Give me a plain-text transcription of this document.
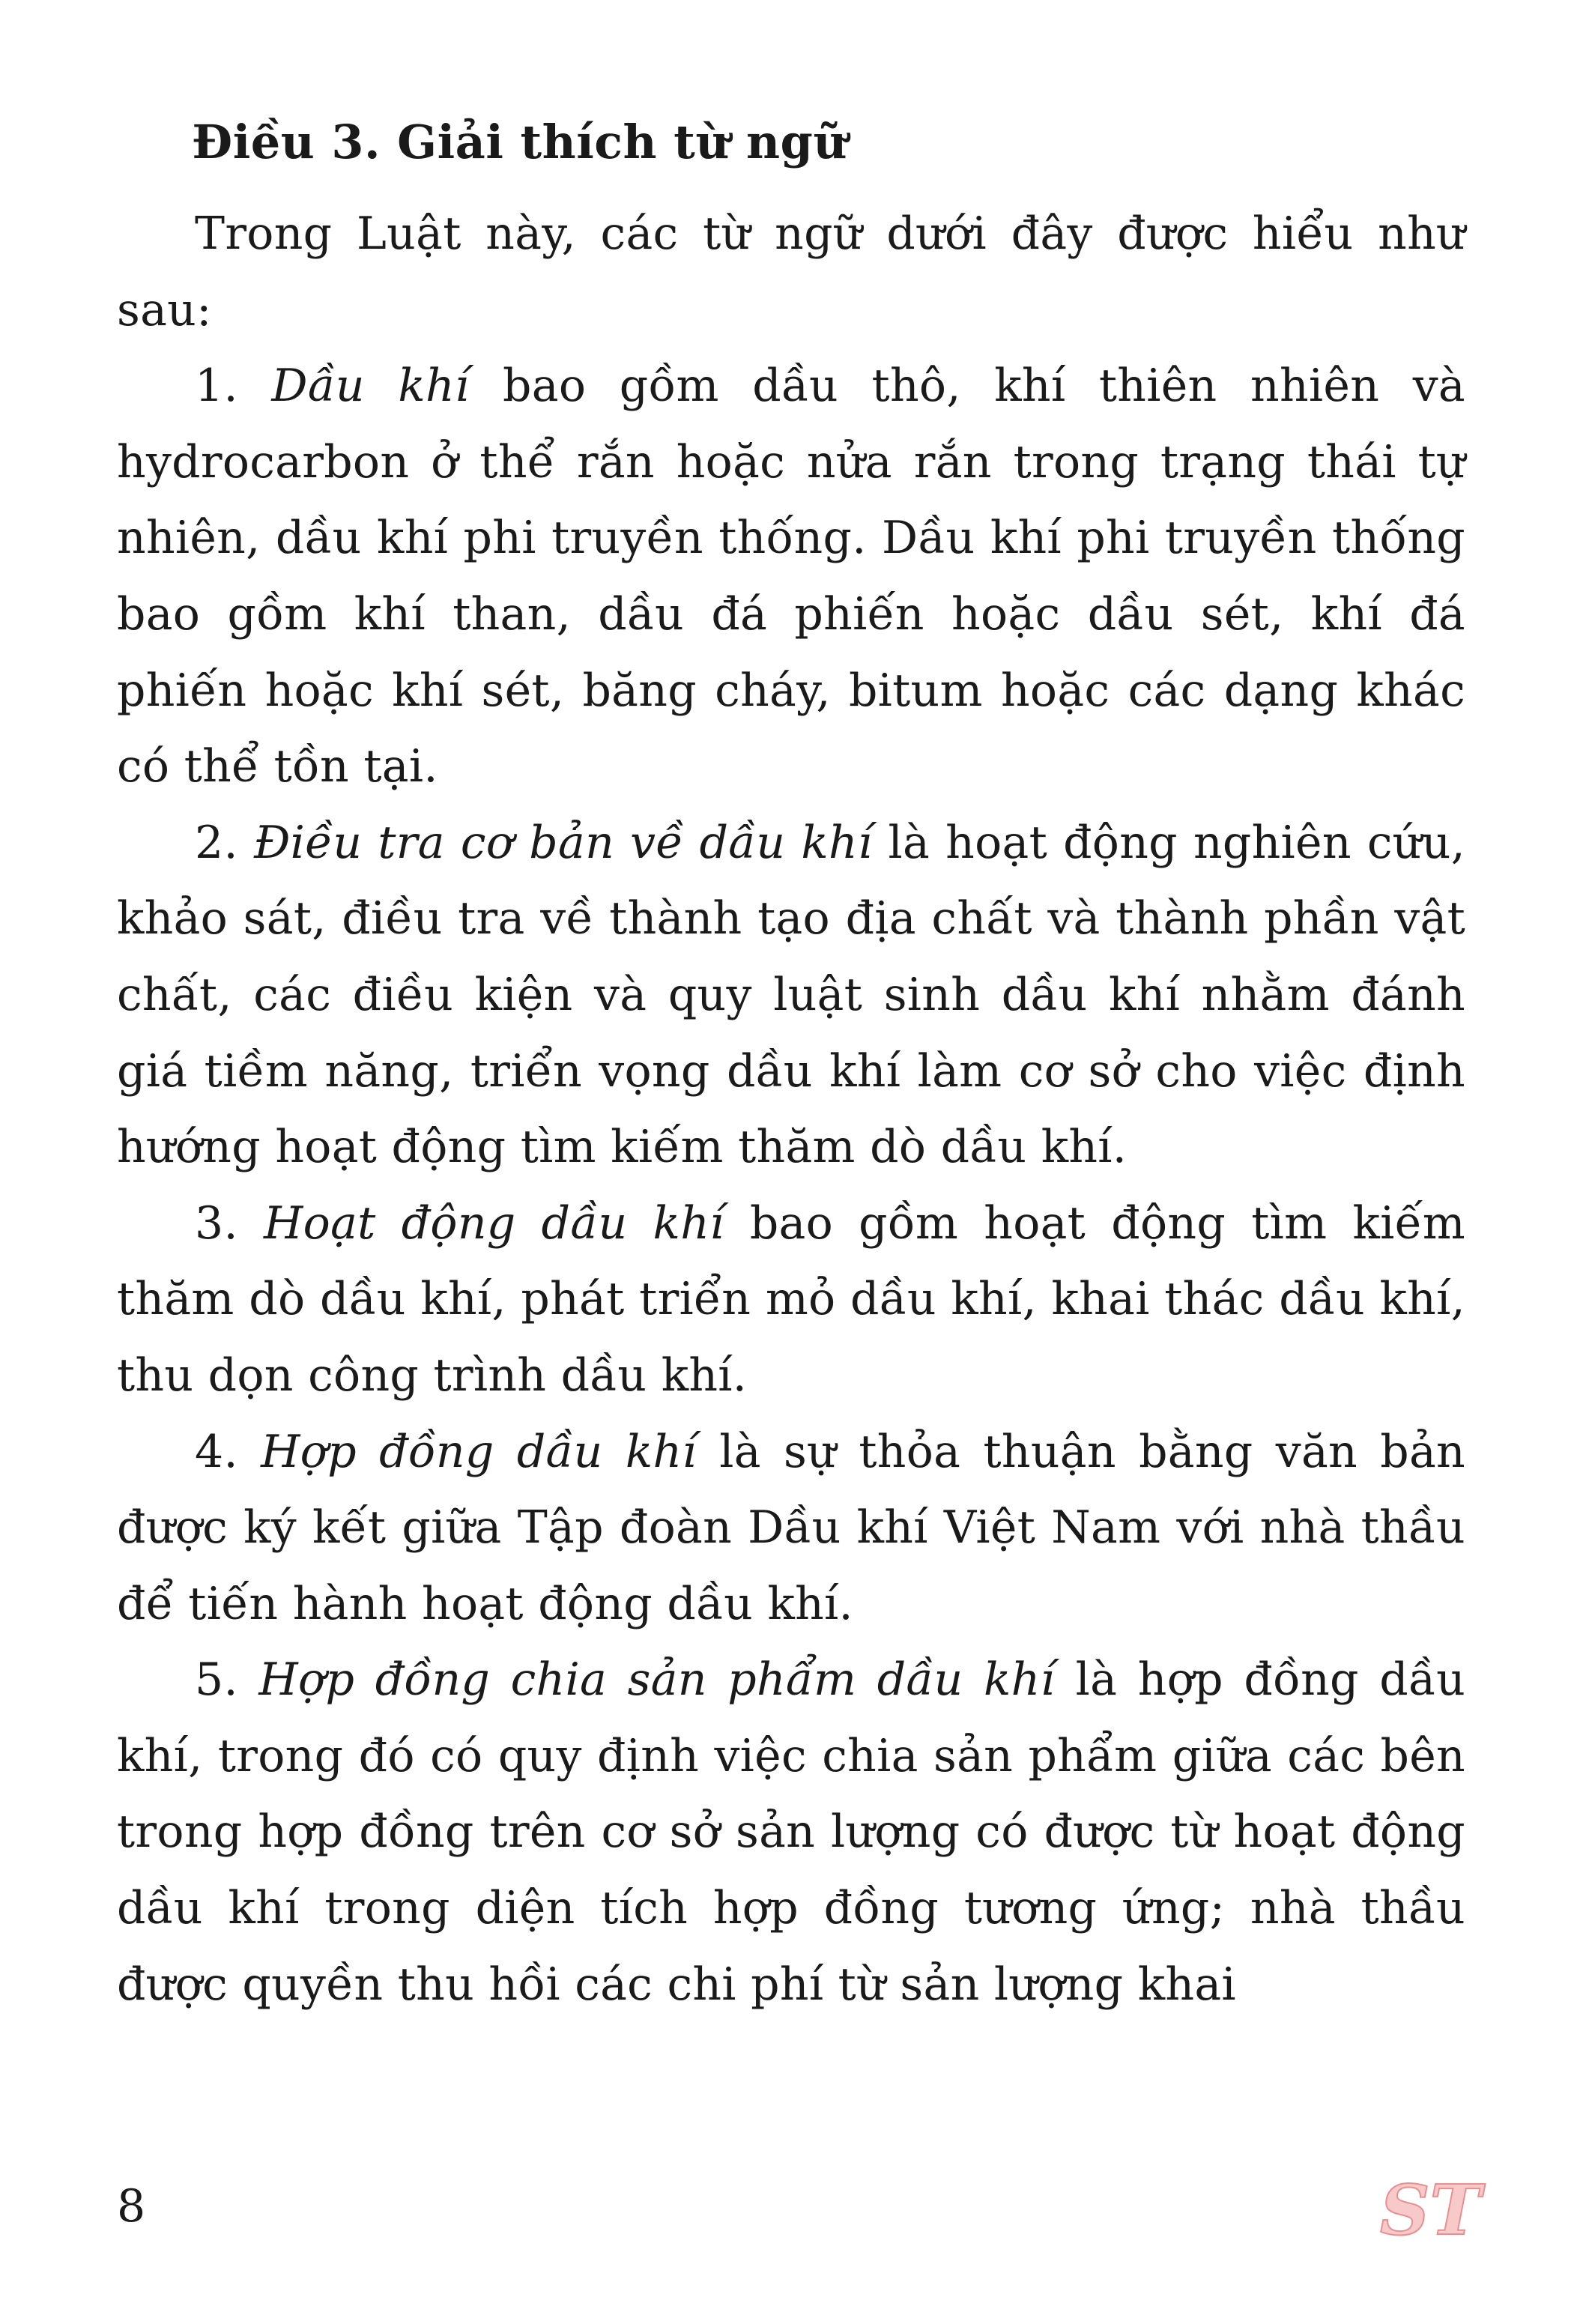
Điều 3. Giải thích từ ngữ

Trong Luật này, các từ ngữ dưới đây được hiểu như sau:

1. Dầu khí bao gồm dầu thô, khí thiên nhiên và hydrocarbon ở thể rắn hoặc nửa rắn trong trạng thái tự nhiên, dầu khí phi truyền thống. Dầu khí phi truyền thống bao gồm khí than, dầu đá phiến hoặc dầu sét, khí đá phiến hoặc khí sét, băng cháy, bitum hoặc các dạng khác có thể tồn tại.

2. Điều tra cơ bản về dầu khí là hoạt động nghiên cứu, khảo sát, điều tra về thành tạo địa chất và thành phần vật chất, các điều kiện và quy luật sinh dầu khí nhằm đánh giá tiềm năng, triển vọng dầu khí làm cơ sở cho việc định hướng hoạt động tìm kiếm thăm dò dầu khí.

3. Hoạt động dầu khí bao gồm hoạt động tìm kiếm thăm dò dầu khí, phát triển mỏ dầu khí, khai thác dầu khí, thu dọn công trình dầu khí.

4. Hợp đồng dầu khí là sự thỏa thuận bằng văn bản được ký kết giữa Tập đoàn Dầu khí Việt Nam với nhà thầu để tiến hành hoạt động dầu khí.

5. Hợp đồng chia sản phẩm dầu khí là hợp đồng dầu khí, trong đó có quy định việc chia sản phẩm giữa các bên trong hợp đồng trên cơ sở sản lượng có được từ hoạt động dầu khí trong diện tích hợp đồng tương ứng; nhà thầu được quyền thu hồi các chi phí từ sản lượng khai

8	ST
